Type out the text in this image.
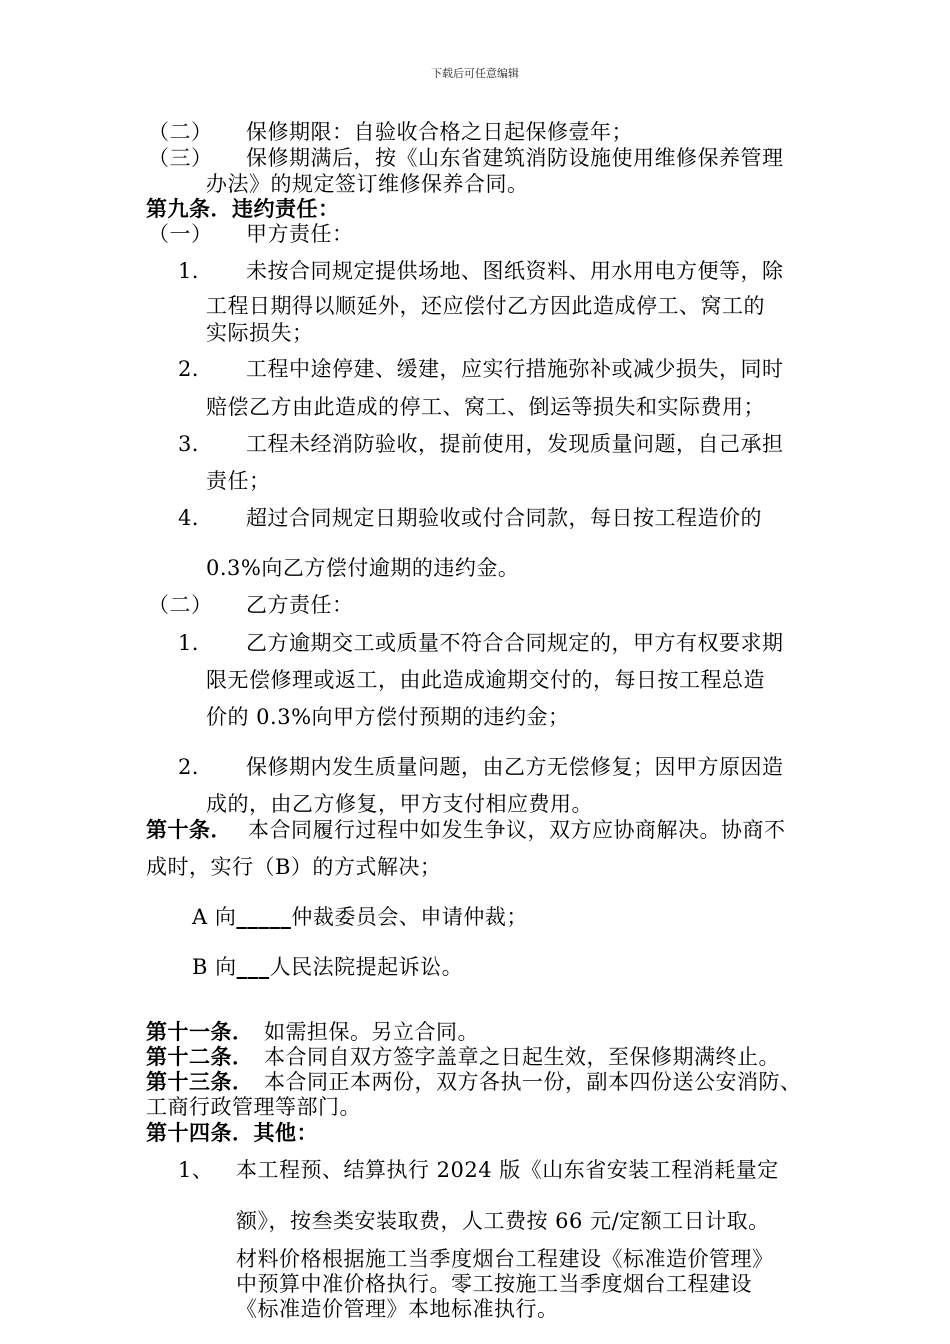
下载后可任意编辑
（二） 保修期限：自验收合格之日起保修壹年；
（三） 保修期满后，按《山东省建筑消防设施使用维修保养管理
办法》的规定签订维修保养合同。
第九条．违约责任：
（一） 甲方责任：
1． 未按合同规定提供场地、图纸资料、用水用电方便等，除
工程日期得以顺延外，还应偿付乙方因此造成停工、窝工的
实际损失；
2． 工程中途停建、缓建，应实行措施弥补或减少损失，同时
赔偿乙方由此造成的停工、窝工、倒运等损失和实际费用；
3． 工程未经消防验收，提前使用，发现质量问题，自己承担
责任；
4． 超过合同规定日期验收或付合同款，每日按工程造价的
0.3%向乙方偿付逾期的违约金。
（二） 乙方责任：
1． 乙方逾期交工或质量不符合合同规定的，甲方有权要求期
限无偿修理或返工，由此造成逾期交付的，每日按工程总造
价的 0.3%向甲方偿付预期的违约金；
2． 保修期内发生质量问题，由乙方无偿修复；因甲方原因造
成的，由乙方修复，甲方支付相应费用。
第十条． 本合同履行过程中如发生争议，双方应协商解决。协商不
成时，实行（B）的方式解决；
A 向_____仲裁委员会、申请仲裁；
B 向___人民法院提起诉讼。
第十一条． 如需担保。另立合同。
第十二条． 本合同自双方签字盖章之日起生效，至保修期满终止。
第十三条． 本合同正本两份，双方各执一份，副本四份送公安消防、
工商行政管理等部门。
第十四条．其他：
1、 本工程预、结算执行 2024 版《山东省安装工程消耗量定
额》，按叁类安装取费，人工费按 66 元/定额工日计取。
材料价格根据施工当季度烟台工程建设《标准造价管理》
中预算中准价格执行。零工按施工当季度烟台工程建设
《标准造价管理》本地标准执行。
